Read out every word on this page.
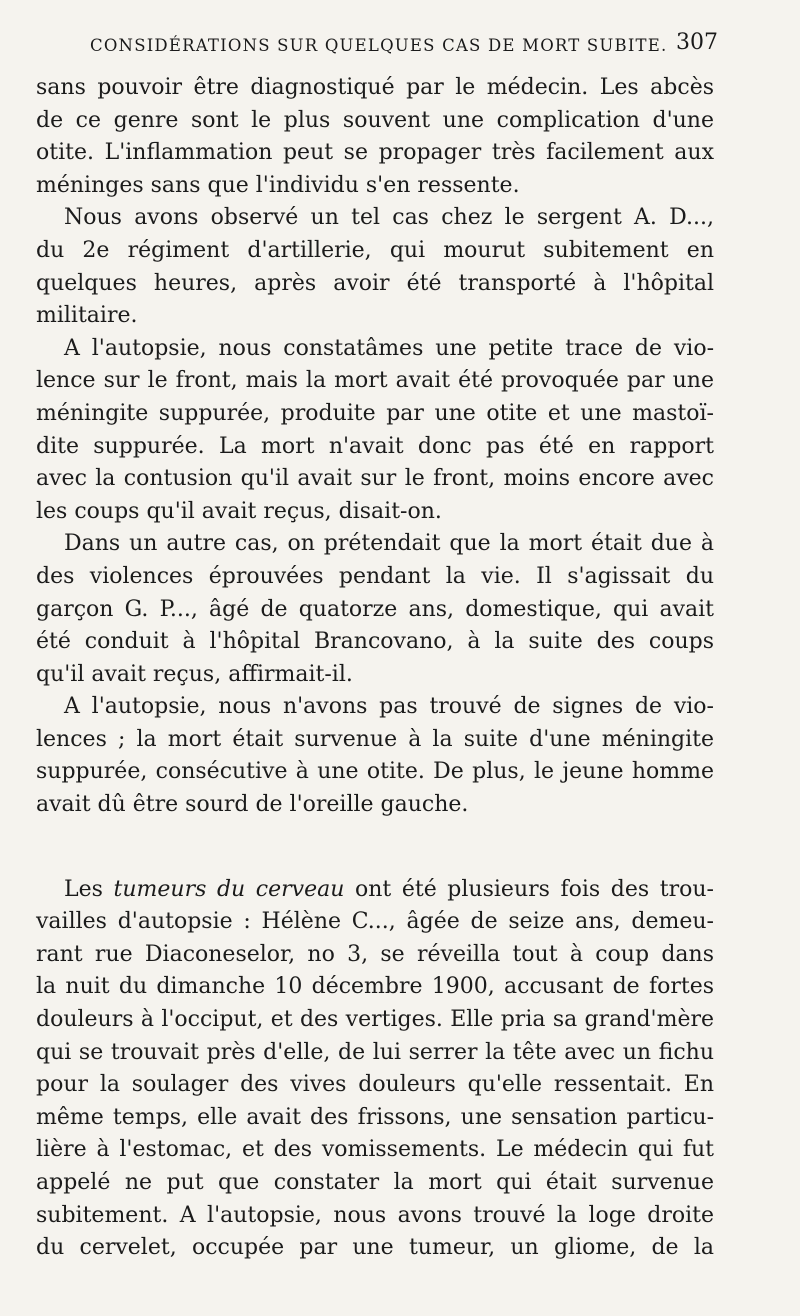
CONSIDÉRATIONS SUR QUELQUES CAS DE MORT SUBITE. 307

sans pouvoir être diagnostiqué par le médecin. Les abcès
de ce genre sont le plus souvent une complication d'une
otite. L'inflammation peut se propager très facilement aux
méninges sans que l'individu s'en ressente.

Nous avons observé un tel cas chez le sergent A. D...,
du 2e régiment d'artillerie, qui mourut subitement en
quelques heures, après avoir été transporté à l'hôpital
militaire.

A l'autopsie, nous constatâmes une petite trace de vio-
lence sur le front, mais la mort avait été provoquée par une
méningite suppurée, produite par une otite et une mastoï-
dite suppurée. La mort n'avait donc pas été en rapport
avec la contusion qu'il avait sur le front, moins encore avec
les coups qu'il avait reçus, disait-on.

Dans un autre cas, on prétendait que la mort était due à
des violences éprouvées pendant la vie. Il s'agissait du
garçon G. P..., âgé de quatorze ans, domestique, qui avait
été conduit à l'hôpital Brancovano, à la suite des coups
qu'il avait reçus, affirmait-il.

A l'autopsie, nous n'avons pas trouvé de signes de vio-
lences ; la mort était survenue à la suite d'une méningite
suppurée, consécutive à une otite. De plus, le jeune homme
avait dû être sourd de l'oreille gauche.

Les tumeurs du cerveau ont été plusieurs fois des trou-
vailles d'autopsie : Hélène C..., âgée de seize ans, demeu-
rant rue Diaconeselor, no 3, se réveilla tout à coup dans
la nuit du dimanche 10 décembre 1900, accusant de fortes
douleurs à l'occiput, et des vertiges. Elle pria sa grand'mère
qui se trouvait près d'elle, de lui serrer la tête avec un fichu
pour la soulager des vives douleurs qu'elle ressentait. En
même temps, elle avait des frissons, une sensation particu-
lière à l'estomac, et des vomissements. Le médecin qui fut
appelé ne put que constater la mort qui était survenue
subitement. A l'autopsie, nous avons trouvé la loge droite
du cervelet, occupée par une tumeur, un gliome, de la
